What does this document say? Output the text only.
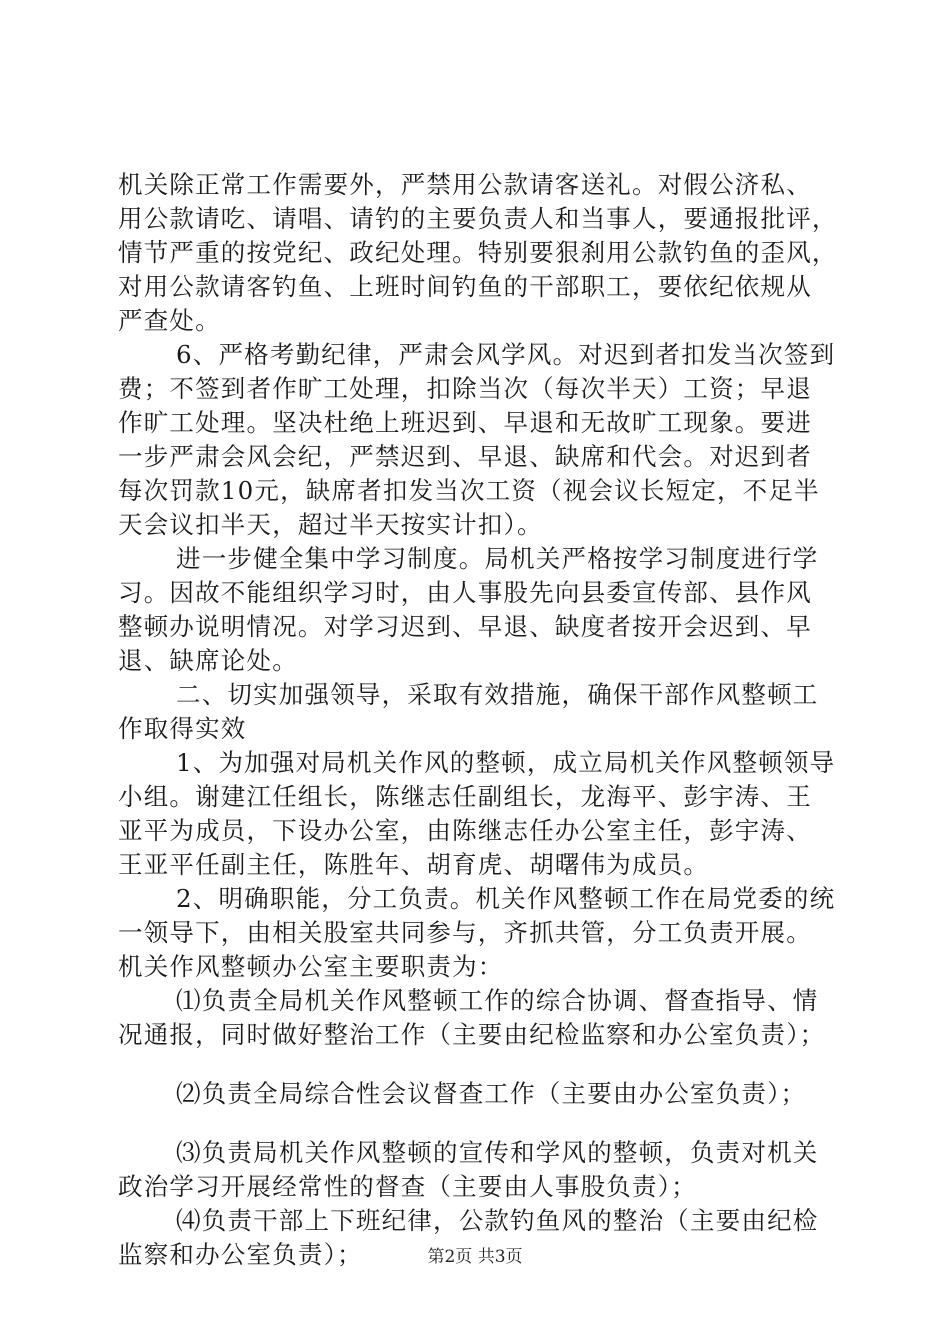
机关除正常工作需要外，严禁用公款请客送礼。对假公济私、
用公款请吃、请唱、请钓的主要负责人和当事人，要通报批评，
情节严重的按党纪、政纪处理。特别要狠刹用公款钓鱼的歪风，
对用公款请客钓鱼、上班时间钓鱼的干部职工，要依纪依规从
严查处。
6、严格考勤纪律，严肃会风学风。对迟到者扣发当次签到
费；不签到者作旷工处理，扣除当次（每次半天）工资；早退
作旷工处理。坚决杜绝上班迟到、早退和无故旷工现象。要进
一步严肃会风会纪，严禁迟到、早退、缺席和代会。对迟到者
每次罚款10元，缺席者扣发当次工资（视会议长短定，不足半
天会议扣半天，超过半天按实计扣）。
进一步健全集中学习制度。局机关严格按学习制度进行学
习。因故不能组织学习时，由人事股先向县委宣传部、县作风
整顿办说明情况。对学习迟到、早退、缺度者按开会迟到、早
退、缺席论处。
二、切实加强领导，采取有效措施，确保干部作风整顿工
作取得实效
1、为加强对局机关作风的整顿，成立局机关作风整顿领导
小组。谢建江任组长，陈继志任副组长，龙海平、彭宇涛、王
亚平为成员，下设办公室，由陈继志任办公室主任，彭宇涛、
王亚平任副主任，陈胜年、胡育虎、胡曙伟为成员。
2、明确职能，分工负责。机关作风整顿工作在局党委的统
一领导下，由相关股室共同参与，齐抓共管，分工负责开展。
机关作风整顿办公室主要职责为：
⑴负责全局机关作风整顿工作的综合协调、督查指导、情
况通报，同时做好整治工作（主要由纪检监察和办公室负责）；
⑵负责全局综合性会议督查工作（主要由办公室负责）；
⑶负责局机关作风整顿的宣传和学风的整顿，负责对机关
政治学习开展经常性的督查（主要由人事股负责）；
⑷负责干部上下班纪律，公款钓鱼风的整治（主要由纪检
监察和办公室负责）；	第2页 共3页
